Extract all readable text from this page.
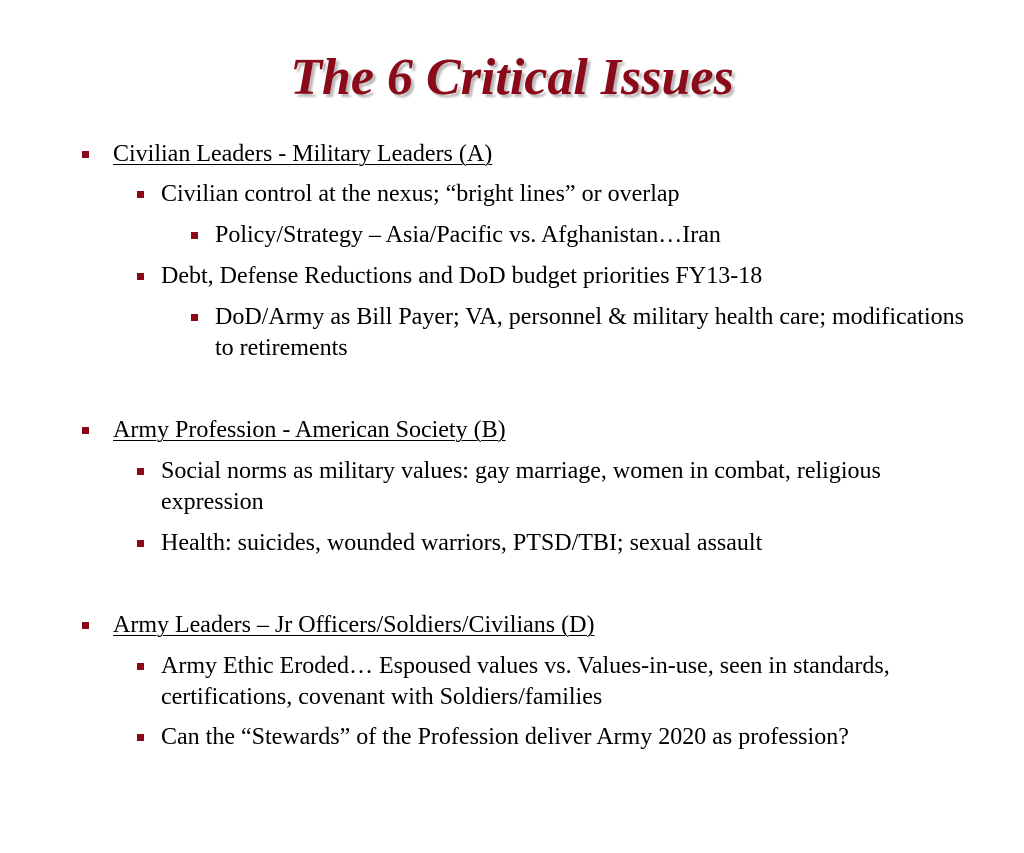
The 6 Critical Issues
Civilian Leaders - Military Leaders (A)
Civilian control at the nexus; “bright lines” or overlap
Policy/Strategy – Asia/Pacific vs. Afghanistan…Iran
Debt, Defense Reductions and DoD budget priorities FY13-18
DoD/Army as Bill Payer; VA, personnel & military health care; modifications to retirements
Army Profession - American Society (B)
Social norms as military values: gay marriage, women in combat, religious expression
Health: suicides, wounded warriors, PTSD/TBI; sexual assault
Army Leaders – Jr Officers/Soldiers/Civilians (D)
Army Ethic Eroded… Espoused values vs. Values-in-use, seen in standards, certifications, covenant with Soldiers/families
Can the “Stewards” of the Profession deliver Army 2020 as profession?
